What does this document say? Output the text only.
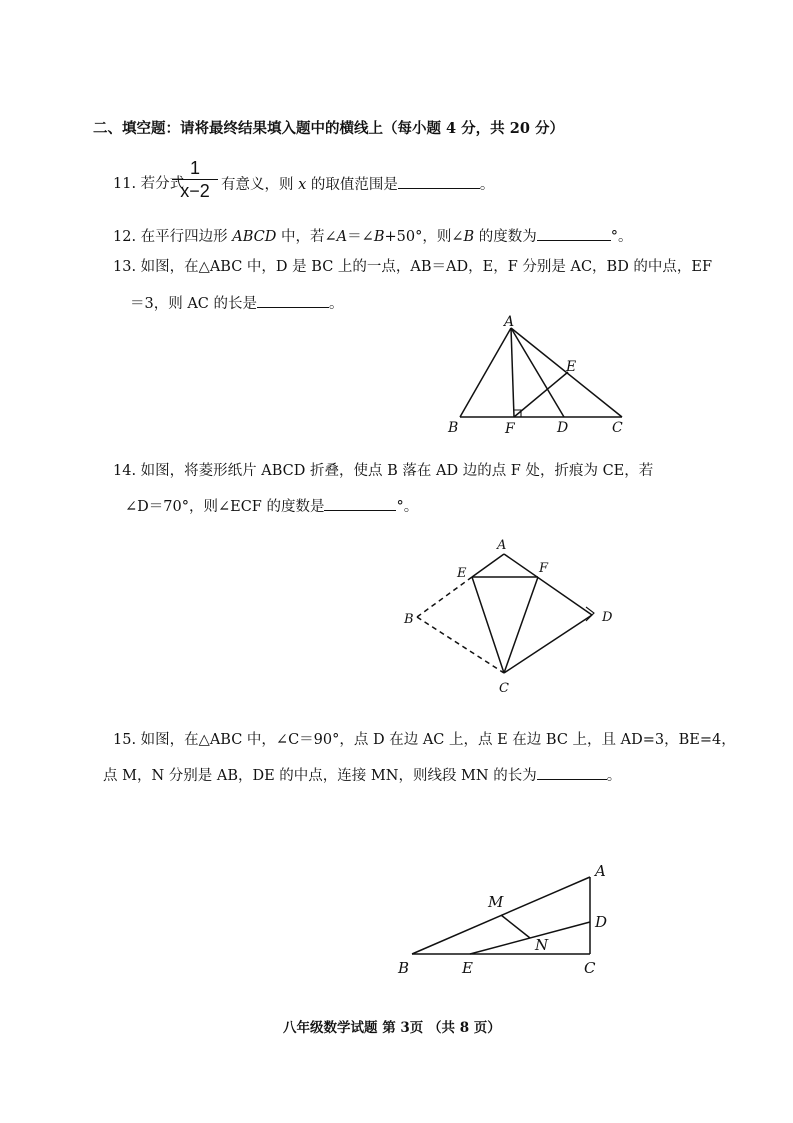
二、填空题：请将最终结果填入题中的横线上（每小题 4 分，共 20 分）
11. 若分式
1
x−2 有意义，则 x 的取值范围是	。
12. 在平行四边形 ABCD 中，若∠A＝∠B+50°，则∠B 的度数为	°。
13. 如图，在△ABC 中，D 是 BC 上的一点，AB＝AD，E，F 分别是 AC，BD 的中点，EF
＝3，则 AC 的长是	。
A
B	F	D	C
E
14. 如图，将菱形纸片 ABCD 折叠，使点 B 落在 AD 边的点 F 处，折痕为 CE，若
∠D＝70°，则∠ECF 的度数是	°。
A
E	F
B	D
C
15. 如图，在△ABC 中，∠C＝90°，点 D 在边 AC 上，点 E 在边 BC 上，且 AD=3，BE=4，
点 M，N 分别是 AB，DE 的中点，连接 MN，则线段 MN 的长为	。
A
M
D
N
B	E	C
八年级数学试题 第 3页 （共 8 页）
